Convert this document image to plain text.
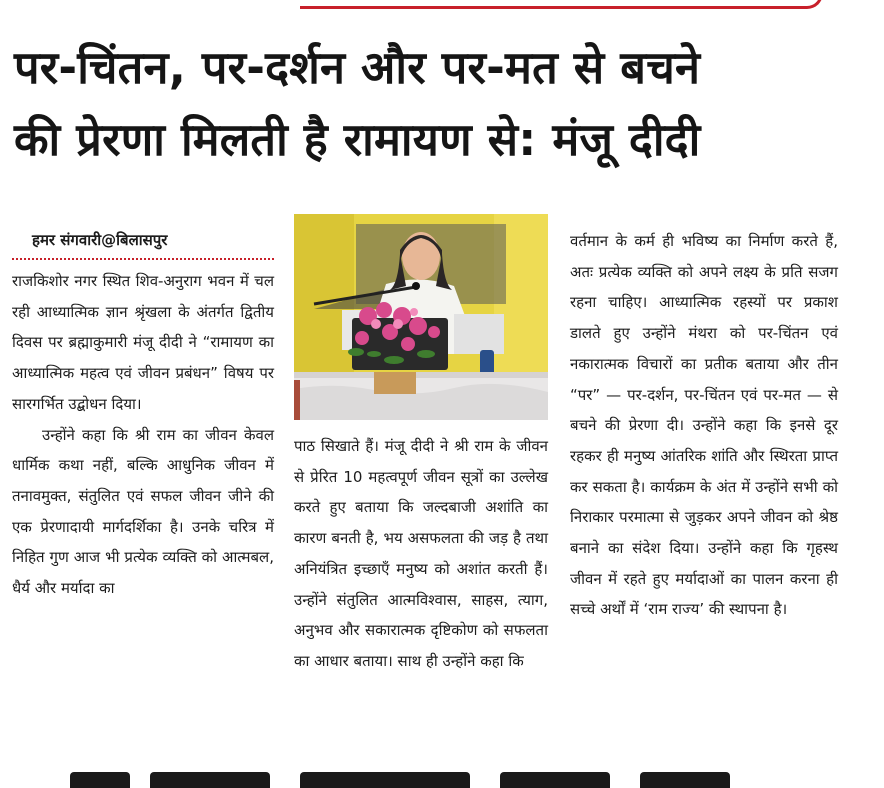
पर-चिंतन, पर-दर्शन और पर-मत से बचने
की प्रेरणा मिलती है रामायण से: मंजू दीदी
हमर संगवारी@बिलासपुर

राजकिशोर नगर स्थित शिव-अनुराग भवन में चल रही आध्यात्मिक ज्ञान श्रृंखला के अंतर्गत द्वितीय दिवस पर ब्रह्माकुमारी मंजू दीदी ने “रामायण का आध्यात्मिक महत्व एवं जीवन प्रबंधन” विषय पर सारगर्भित उद्बोधन दिया।

उन्होंने कहा कि श्री राम का जीवन केवल धार्मिक कथा नहीं, बल्कि आधुनिक जीवन में तनावमुक्त, संतुलित एवं सफल जीवन जीने की एक प्रेरणादायी मार्गदर्शिका है। उनके चरित्र में निहित गुण आज भी प्रत्येक व्यक्ति को आत्मबल, धैर्य और मर्यादा का

पाठ सिखाते हैं। मंजू दीदी ने श्री राम के जीवन से प्रेरित 10 महत्वपूर्ण जीवन सूत्रों का उल्लेख करते हुए बताया कि जल्दबाजी अशांति का कारण बनती है, भय असफलता की जड़ है तथा अनियंत्रित इच्छाएँ मनुष्य को अशांत करती हैं। उन्होंने संतुलित आत्मविश्वास, साहस, त्याग, अनुभव और सकारात्मक दृष्टिकोण को सफलता का आधार बताया। साथ ही उन्होंने कहा कि

वर्तमान के कर्म ही भविष्य का निर्माण करते हैं, अतः प्रत्येक व्यक्ति को अपने लक्ष्य के प्रति सजग रहना चाहिए। आध्यात्मिक रहस्यों पर प्रकाश डालते हुए उन्होंने मंथरा को पर-चिंतन एवं नकारात्मक विचारों का प्रतीक बताया और तीन “पर” — पर-दर्शन, पर-चिंतन एवं पर-मत — से बचने की प्रेरणा दी। उन्होंने कहा कि इनसे दूर रहकर ही मनुष्य आंतरिक शांति और स्थिरता प्राप्त कर सकता है। कार्यक्रम के अंत में उन्होंने सभी को निराकार परमात्मा से जुड़कर अपने जीवन को श्रेष्ठ बनाने का संदेश दिया। उन्होंने कहा कि गृहस्थ जीवन में रहते हुए मर्यादाओं का पालन करना ही सच्चे अर्थों में ‘राम राज्य’ की स्थापना है।
